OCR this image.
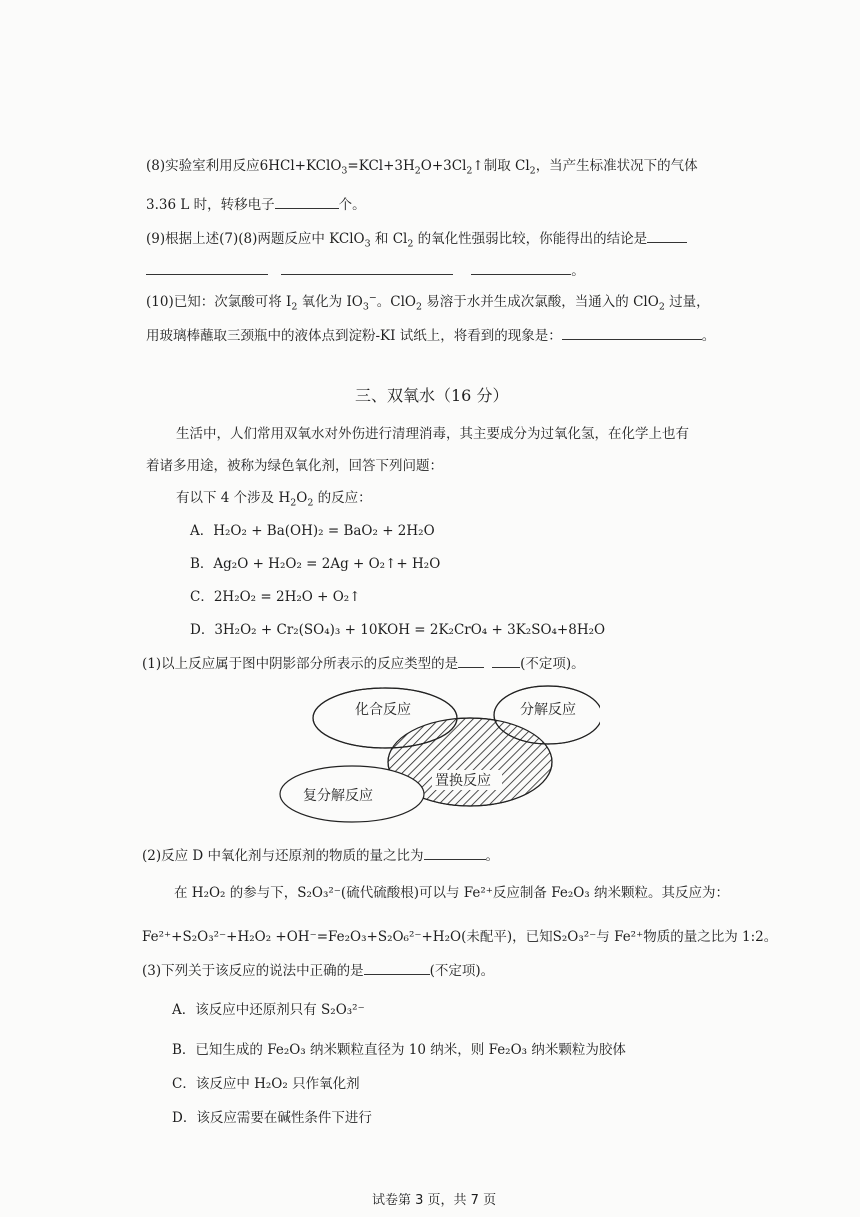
(8)实验室利用反应$6HCl+KClO_3=KCl+3H_2O+3Cl_2↑$制取 $Cl_2$，当产生标准状况下的气体
3.36 L 时，转移电子	个。
(9)根据上述(7)(8)两题反应中 KClO$_3$ 和 $Cl_2$ 的氧化性强弱比较，你能得出的结论是
。
(10)已知：次氯酸可将 $I_2$ 氧化为 $IO_3^-$。ClO$_2$ 易溶于水并生成次氯酸，当通入的 ClO$_2$ 过量，
用玻璃棒蘸取三颈瓶中的液体点到淀粉-KI 试纸上，将看到的现象是：	。
三、双氧水（16 分）
生活中，人们常用双氧水对外伤进行清理消毒，其主要成分为过氧化氢，在化学上也有
着诸多用途，被称为绿色氧化剂，回答下列问题：
有以下 4 个涉及 $H_2O_2$ 的反应：
A．H₂O₂ + Ba(OH)₂ = BaO₂ + 2H₂O
B．Ag₂O + H₂O₂ = 2Ag + O₂↑+ H₂O
C．2H₂O₂ = 2H₂O + O₂↑
D．3H₂O₂ + Cr₂(SO₄)₃ + 10KOH = 2K₂CrO₄ + 3K₂SO₄+8H₂O
(1)以上反应属于图中阴影部分所表示的反应类型的是	(不定项)。
化合反应	分解反应
置换反应
复分解反应
(2)反应 D 中氧化剂与还原剂的物质的量之比为	。
在 H₂O₂ 的参与下，S₂O₃²⁻(硫代硫酸根)可以与 Fe²⁺反应制备 Fe₂O₃ 纳米颗粒。其反应为：
Fe²⁺+S₂O₃²⁻+H₂O₂ +OH⁻=Fe₂O₃+S₂O₆²⁻+H₂O(未配平)，已知S₂O₃²⁻与 Fe²⁺物质的量之比为 1:2。
(3)下列关于该反应的说法中正确的是	(不定项)。
A．该反应中还原剂只有 S₂O₃²⁻
B．已知生成的 Fe₂O₃ 纳米颗粒直径为 10 纳米，则 Fe₂O₃ 纳米颗粒为胶体
C．该反应中 H₂O₂ 只作氧化剂
D．该反应需要在碱性条件下进行
试卷第 3 页，共 7 页
